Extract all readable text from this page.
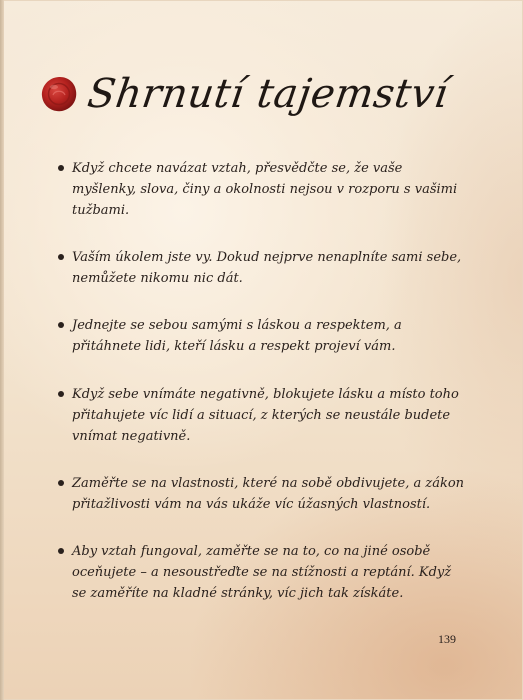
Shrnutí tajemství
Když chcete navázat vztah, přesvědčte se, že vaše myšlenky, slova, činy a okolnosti nejsou v rozporu s vašimi tužbami.
Vaším úkolem jste vy. Dokud nejprve nenaplníte sami sebe, nemůžete nikomu nic dát.
Jednejte se sebou samými s láskou a respektem, a přitáhnete lidi, kteří lásku a respekt projeví vám.
Když sebe vnímáte negativně, blokujete lásku a místo toho přitahujete víc lidí a situací, z kterých se neustále budete vnímat negativně.
Zaměřte se na vlastnosti, které na sobě obdivujete, a zákon přitažlivosti vám na vás ukáže víc úžasných vlastností.
Aby vztah fungoval, zaměřte se na to, co na jiné osobě oceňujete – a nesoustřeďte se na stížnosti a reptání. Když se zaměříte na kladné stránky, víc jich tak získáte.
139
